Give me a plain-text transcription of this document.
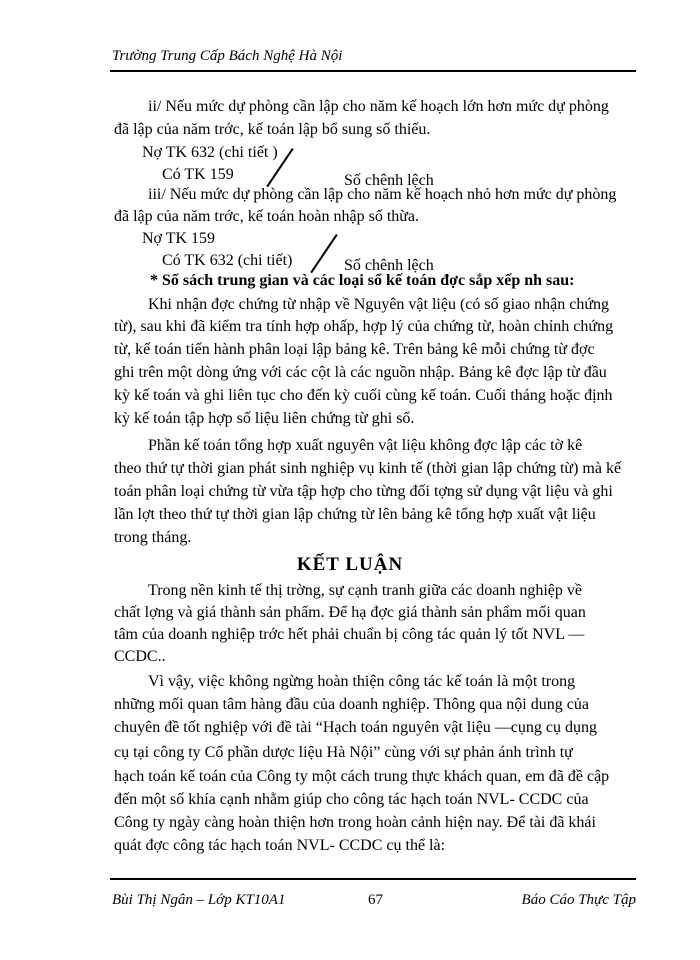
Trường Trung Cấp Bách Nghệ Hà Nội
ii/ Nếu mức dự phòng cần lập cho năm kế hoạch lớn hơn mức dự phòng
đã lập của năm trớc, kế toán lập bổ sung số thiếu.
Nợ TK 632 (chi tiết )
Có TK 159	Số chênh lệch
iii/ Nếu mức dự phòng cần lập cho năm kế hoạch nhỏ hơn mức dự phòng
đã lập của năm trớc, kế toán hoàn nhập số thừa.
Nợ TK 159
Có TK 632 (chi tiết)	Số chênh lệch
* Sổ sách trung gian và các loại sổ kế toán đợc sắp xếp nh sau:
Khi nhận đợc chứng từ nhập về Nguyên vật liệu (có số giao nhận chứng
từ), sau khi đã kiểm tra tính hợp ohấp, hợp lý của chứng từ, hoàn chỉnh chứng
từ, kế toán tiến hành phân loại lập bảng kê. Trên bảng kê mỗi chứng từ đợc
ghi trên một dòng ứng với các cột là các nguồn nhập. Bảng kê đợc lập từ đầu
kỳ kế toán và ghi liên tục cho đến kỳ cuối cùng kế toán. Cuối tháng hoặc định
kỳ kế toán tập hợp số liệu liên chứng từ ghi sổ.
Phần kế toán tổng hợp xuất nguyên vật liệu không đợc lập các tờ kê
theo thứ tự thời gian phát sinh nghiệp vụ kinh tế (thời gian lập chứng từ) mà kế
toán phân loại chứng từ vừa tập hợp cho từng đối tợng sử dụng vật liệu và ghi
lần lợt theo thứ tự thời gian lập chứng từ lên bảng kê tổng hợp xuất vật liệu
trong tháng.
KẾT LUẬN
Trong nền kinh tế thị trờng, sự cạnh tranh giữa các doanh nghiệp về
chất lợng và giá thành sản phẩm. Để hạ đợc giá thành sản phẩm mối quan
tâm của doanh nghiệp trớc hết phải chuẩn bị công tác quản lý tốt NVL —
CCDC..
Vì vậy, việc không ngừng hoàn thiện công tác kế toán là một trong
những mối quan tâm hàng đầu của doanh nghiệp. Thông qua nội dung của
chuyên đề tốt nghiệp với đề tài “Hạch toán nguyên vật liệu —cụng cụ dụng
cụ tại công ty Cổ phần dược liệu Hà Nội” cùng với sự phản ánh trình tự
hạch toán kế toán của Công ty một cách trung thực khách quan, em đã đề cập
đến một số khía cạnh nhằm giúp cho công tác hạch toán NVL- CCDC của
Công ty ngày càng hoàn thiện hơn trong hoàn cảnh hiện nay. Để tài đã khái
quát đợc công tác hạch toán NVL- CCDC cụ thể là:
Bùi Thị Ngân – Lớp KT10A1	67	Báo Cáo Thực Tập
